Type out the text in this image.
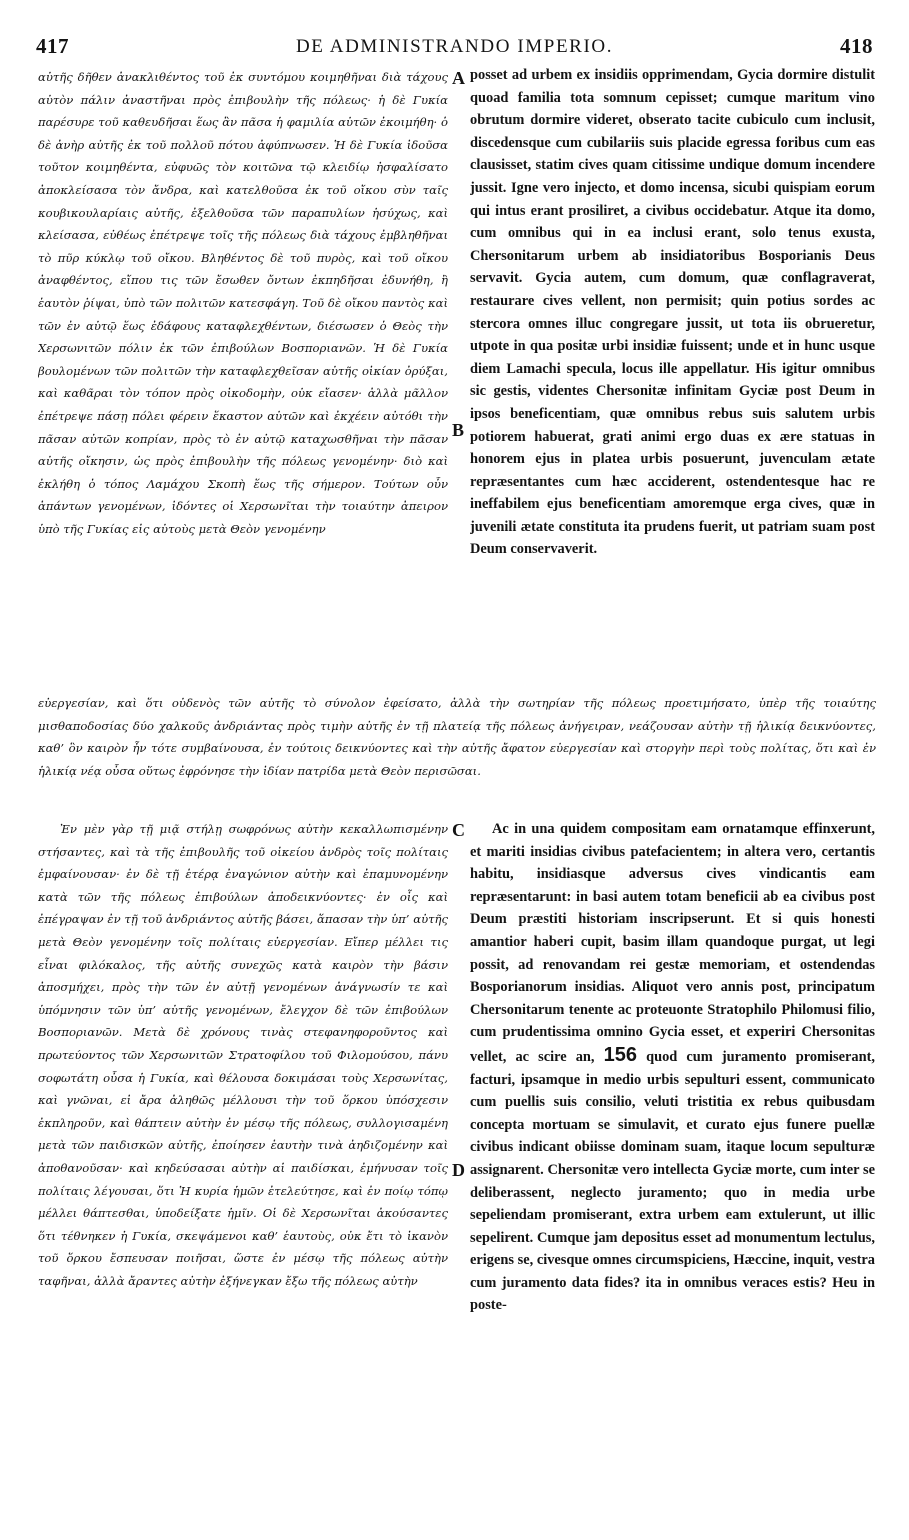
417	DE ADMINISTRANDO IMPERIO.	418

αὐτῆς δῆθεν ἀνακλιθέντος τοῦ ἐκ συντόμου κοιμηθῆναι διὰ τάχους αὐτὸν πάλιν ἀναστῆναι πρὸς ἐπιβουλὴν τῆς πόλεως· ἡ δὲ Γυκία παρέσυρε τοῦ καθευδῆσαι ἕως ἂν πᾶσα ἡ φαμιλία αὐτῶν ἐκοιμήθη· ὁ δὲ ἀνὴρ αὐτῆς ἐκ τοῦ πολλοῦ πότου ἀφύπνωσεν. Ἡ δὲ Γυκία ἰδοῦσα τοῦτον κοιμηθέντα, εὐφυῶς τὸν κοιτῶνα τῷ κλειδίῳ ἠσφαλίσατο ἀποκλείσασα τὸν ἄνδρα, καὶ κατελθοῦσα ἐκ τοῦ οἴκου σὺν ταῖς κουβικουλαρίαις αὐτῆς, ἐξελθοῦσα τῶν παραπυλίων ἡσύχως, καὶ κλείσασα, εὐθέως ἐπέτρεψε τοῖς τῆς πόλεως διὰ τάχους ἐμβληθῆναι τὸ πῦρ κύκλῳ τοῦ οἴκου. Βληθέντος δὲ τοῦ πυρὸς, καὶ τοῦ οἴκου ἀναφθέντος, εἴπου τις τῶν ἔσωθεν ὄντων ἐκπηδῆσαι ἐδυνήθη, ἢ ἑαυτὸν ῥίψαι, ὑπὸ τῶν πολιτῶν κατεσφάγη. Τοῦ δὲ οἴκου παντὸς καὶ τῶν ἐν αὐτῷ ἕως ἐδάφους καταφλεχθέντων, διέσωσεν ὁ Θεὸς τὴν Χερσωνιτῶν πόλιν ἐκ τῶν ἐπιβούλων Βοσποριανῶν. Ἡ δὲ Γυκία βουλομένων τῶν πολιτῶν τὴν καταφλεχθεῖσαν αὐτῆς οἰκίαν ὀρύξαι, καὶ καθᾶραι τὸν τόπον πρὸς οἰκοδομὴν, οὐκ εἴασεν· ἀλλὰ μᾶλλον ἐπέτρεψε πάσῃ πόλει φέρειν ἕκαστον αὐτῶν καὶ ἐκχέειν αὐτόθι τὴν πᾶσαν αὐτῶν κοπρίαν, πρὸς τὸ ἐν αὐτῷ καταχωσθῆναι τὴν πᾶσαν αὐτῆς οἴκησιν, ὡς πρὸς ἐπιβουλὴν τῆς πόλεως γενομένην· διὸ καὶ ἐκλήθη ὁ τόπος Λαμάχου Σκοπὴ ἕως τῆς σήμερον. Τούτων οὖν ἁπάντων γενομένων, ἰδόντες οἱ Χερσωνῖται τὴν τοιαύτην ἀπειρον ὑπὸ τῆς Γυκίας εἰς αὐτοὺς μετὰ Θεὸν γενομένην

posset ad urbem ex insidiis opprimendam, Gycia dormire distulit quoad familia tota somnum cepisset; cumque maritum vino obrutum dormire videret, obserato tacite cubiculo cum inclusit, discedensque cum cubilariis suis placide egressa foribus cum eas clausisset, statim cives quam citissime undique domum incendere jussit. Igne vero injecto, et domo incensa, sicubi quispiam eorum qui intus erant prosiliret, a civibus occidebatur. Atque ita domo, cum omnibus qui in ea inclusi erant, solo tenus exusta, Chersonitarum urbem ab insidiatoribus Bosporianis Deus servavit. Gycia autem, cum domum, quæ conflagraverat, restaurare cives vellent, non permisit; quin potius sordes ac stercora omnes illuc congregare jussit, ut tota iis obrueretur, utpote in qua positæ urbi insidiæ fuissent; unde et in hunc usque diem Lamachi specula, locus ille appellatur. His igitur omnibus sic gestis, videntes Chersonitæ infinitam Gyciæ post Deum in ipsos beneficentiam, quæ omnibus rebus suis salutem urbis potiorem habuerat, grati animi ergo duas ex ære statuas in honorem ejus in platea urbis posuerunt, juvenculam ætate repræsentantes cum hæc acciderent, ostendentesque hac re ineffabilem ejus beneficentiam amoremque erga cives, quæ in juvenili ætate constituta ita prudens fuerit, ut patriam suam post Deum conservaverit.

A
B

εὐεργεσίαν, καὶ ὅτι οὐδενὸς τῶν αὐτῆς τὸ σύνολον ἐφείσατο, ἀλλὰ τὴν σωτηρίαν τῆς πόλεως προετιμήσατο, ὑπὲρ τῆς τοιαύτης μισθαποδοσίας δύο χαλκοῦς ἀνδριάντας πρὸς τιμὴν αὐτῆς ἐν τῇ πλατείᾳ τῆς πόλεως ἀνήγειραν, νεάζουσαν αὐτὴν τῇ ἡλικίᾳ δεικνύοντες, καθ’ ὃν καιρὸν ἦν τότε συμβαίνουσα, ἐν τούτοις δεικνύοντες καὶ τὴν αὐτῆς ἄφατον εὐεργεσίαν καὶ στοργὴν περὶ τοὺς πολίτας, ὅτι καὶ ἐν ἡλικίᾳ νέᾳ οὖσα οὕτως ἐφρόνησε τὴν ἰδίαν πατρίδα μετὰ Θεὸν περισῶσαι.

Ἐν μὲν γὰρ τῇ μιᾷ στήλῃ σωφρόνως αὐτὴν κεκαλλωπισμένην στήσαντες, καὶ τὰ τῆς ἐπιβουλῆς τοῦ οἰκείου ἀνδρὸς τοῖς πολίταις ἐμφαίνουσαν· ἐν δὲ τῇ ἑτέρᾳ ἐναγώνιον αὐτὴν καὶ ἐπαμυνομένην κατὰ τῶν τῆς πόλεως ἐπιβούλων ἀποδεικνύοντες· ἐν οἷς καὶ ἐπέγραψαν ἐν τῇ τοῦ ἀνδριάντος αὐτῆς βάσει, ἅπασαν τὴν ὑπ’ αὐτῆς μετὰ Θεὸν γενομένην τοῖς πολίταις εὐεργεσίαν. Εἴπερ μέλλει τις εἶναι φιλόκαλος, τῆς αὐτῆς συνεχῶς κατὰ καιρὸν τὴν βάσιν ἀποσμήχει, πρὸς τὴν τῶν ἐν αὐτῇ γενομένων ἀνάγνωσίν τε καὶ ὑπόμνησιν τῶν ὑπ’ αὐτῆς γενομένων, ἔλεγχον δὲ τῶν ἐπιβούλων Βοσποριανῶν. Μετὰ δὲ χρόνους τινὰς στεφανηφοροῦντος καὶ πρωτεύοντος τῶν Χερσωνιτῶν Στρατοφίλου τοῦ Φιλομούσου, πάνυ σοφωτάτη οὖσα ἡ Γυκία, καὶ θέλουσα δοκιμάσαι τοὺς Χερσωνίτας, καὶ γνῶναι, εἰ ἄρα ἀληθῶς μέλλουσι τὴν τοῦ ὅρκου ὑπόσχεσιν ἐκπληροῦν, καὶ θάπτειν αὐτὴν ἐν μέσῳ τῆς πόλεως, συλλογισαμένη μετὰ τῶν παιδισκῶν αὐτῆς, ἐποίησεν ἑαυτὴν τινὰ ἀηδιζομένην καὶ ἀποθανοῦσαν· καὶ κηδεύσασαι αὐτὴν αἱ παιδίσκαι, ἐμήνυσαν τοῖς πολίταις λέγουσαι, ὅτι Ἡ κυρία ἡμῶν ἐτελεύτησε, καὶ ἐν ποίῳ τόπῳ μέλλει θάπτεσθαι, ὑποδείξατε ἡμῖν. Οἱ δὲ Χερσωνῖται ἀκούσαντες ὅτι τέθνηκεν ἡ Γυκία, σκεψάμενοι καθ’ ἑαυτοὺς, οὐκ ἔτι τὸ ἱκανὸν τοῦ ὅρκου ἔσπευσαν ποιῆσαι, ὥστε ἐν μέσῳ τῆς πόλεως αὐτὴν ταφῆναι, ἀλλὰ ἄραντες αὐτὴν ἐξήνεγκαν ἔξω τῆς πόλεως αὐτὴν

Ac in una quidem compositam eam ornatamque effinxerunt, et mariti insidias civibus patefacientem; in altera vero, certantis habitu, insidiasque adversus cives vindicantis eam repræsentarunt: in basi autem totam beneficii ab ea civibus post Deum præstiti historiam inscripserunt. Et si quis honesti amantior haberi cupit, basim illam quandoque purgat, ut legi possit, ad renovandam rei gestæ memoriam, et ostendendas Bosporianorum insidias. Aliquot vero annis post, principatum Chersonitarum tenente ac proteuonte Stratophilo Philomusi filio, cum prudentissima omnino Gycia esset, et experiri Chersonitas vellet, ac scire an, 156 quod cum juramento promiserant, facturi, ipsamque in medio urbis sepulturi essent, communicato cum puellis suis consilio, veluti tristitia ex rebus quibusdam concepta mortuam se simulavit, et curato ejus funere puellæ civibus indicant obiisse dominam suam, itaque locum sepulturæ assignarent. Chersonitæ vero intellecta Gyciæ morte, cum inter se deliberassent, neglecto juramento; quo in media urbe sepeliendam promiserant, extra urbem eam extulerunt, ut illic sepelirent. Cumque jam depositus esset ad monumentum lectulus, erigens se, civesque omnes circumspiciens, Hæccine, inquit, vestra cum juramento data fides? ita in omnibus veraces estis? Heu in poste-

C
D
